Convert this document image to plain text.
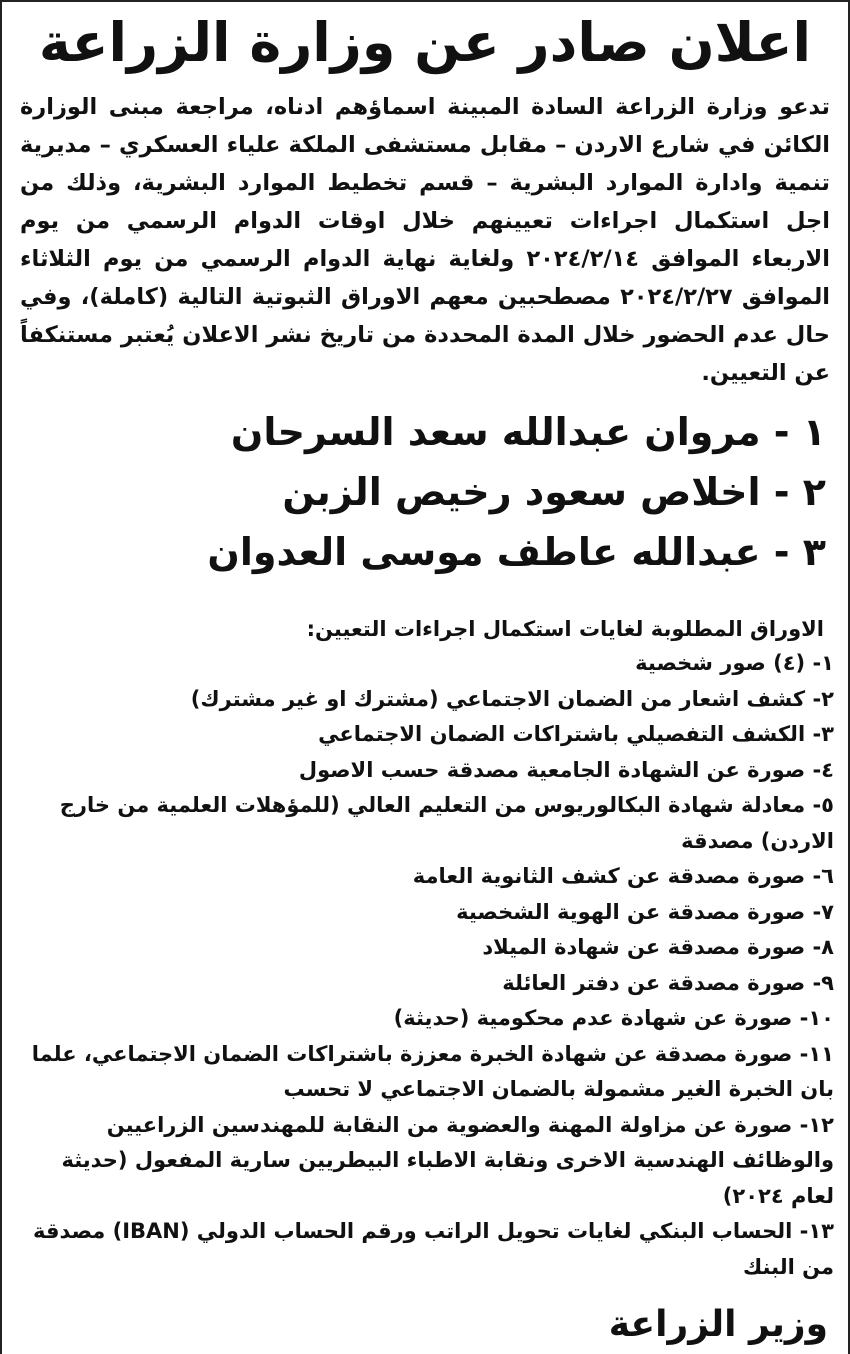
اعلان صادر عن وزارة الزراعة

تدعو وزارة الزراعة السادة المبينة اسماؤهم ادناه، مراجعة مبنى الوزارة الكائن في شارع الاردن – مقابل مستشفى الملكة علياء العسكري – مديرية تنمية وادارة الموارد البشرية – قسم تخطيط الموارد البشرية، وذلك من اجل استكمال اجراءات تعيينهم خلال اوقات الدوام الرسمي من يوم الاربعاء الموافق ٢٠٢٤/٢/١٤ ولغاية نهاية الدوام الرسمي من يوم الثلاثاء الموافق ٢٠٢٤/٢/٢٧ مصطحبين معهم الاوراق الثبوتية التالية (كاملة)، وفي حال عدم الحضور خلال المدة المحددة من تاريخ نشر الاعلان يُعتبر مستنكفاً عن التعيين.

١ - مروان عبدالله سعد السرحان
٢ - اخلاص سعود رخيص الزبن
٣ - عبدالله عاطف موسى العدوان
الاوراق المطلوبة لغايات استكمال اجراءات التعيين:
١- (٤) صور شخصية
٢- كشف اشعار من الضمان الاجتماعي (مشترك او غير مشترك)
٣- الكشف التفصيلي باشتراكات الضمان الاجتماعي
٤- صورة عن الشهادة الجامعية مصدقة حسب الاصول
٥- معادلة شهادة البكالوريوس من التعليم العالي (للمؤهلات العلمية من خارج الاردن) مصدقة
٦- صورة مصدقة عن كشف الثانوية العامة
٧- صورة مصدقة عن الهوية الشخصية
٨- صورة مصدقة عن شهادة الميلاد
٩- صورة مصدقة عن دفتر العائلة
١٠- صورة عن شهادة عدم محكومية (حديثة)
١١- صورة مصدقة عن شهادة الخبرة معززة باشتراكات الضمان الاجتماعي، علما بان الخبرة الغير مشمولة بالضمان الاجتماعي لا تحسب
١٢- صورة عن مزاولة المهنة والعضوية من النقابة للمهندسين الزراعيين والوظائف الهندسية الاخرى ونقابة الاطباء البيطريين سارية المفعول (حديثة لعام ٢٠٢٤)
١٣- الحساب البنكي لغايات تحويل الراتب ورقم الحساب الدولي (IBAN) مصدقة من البنك
وزير الزراعة
